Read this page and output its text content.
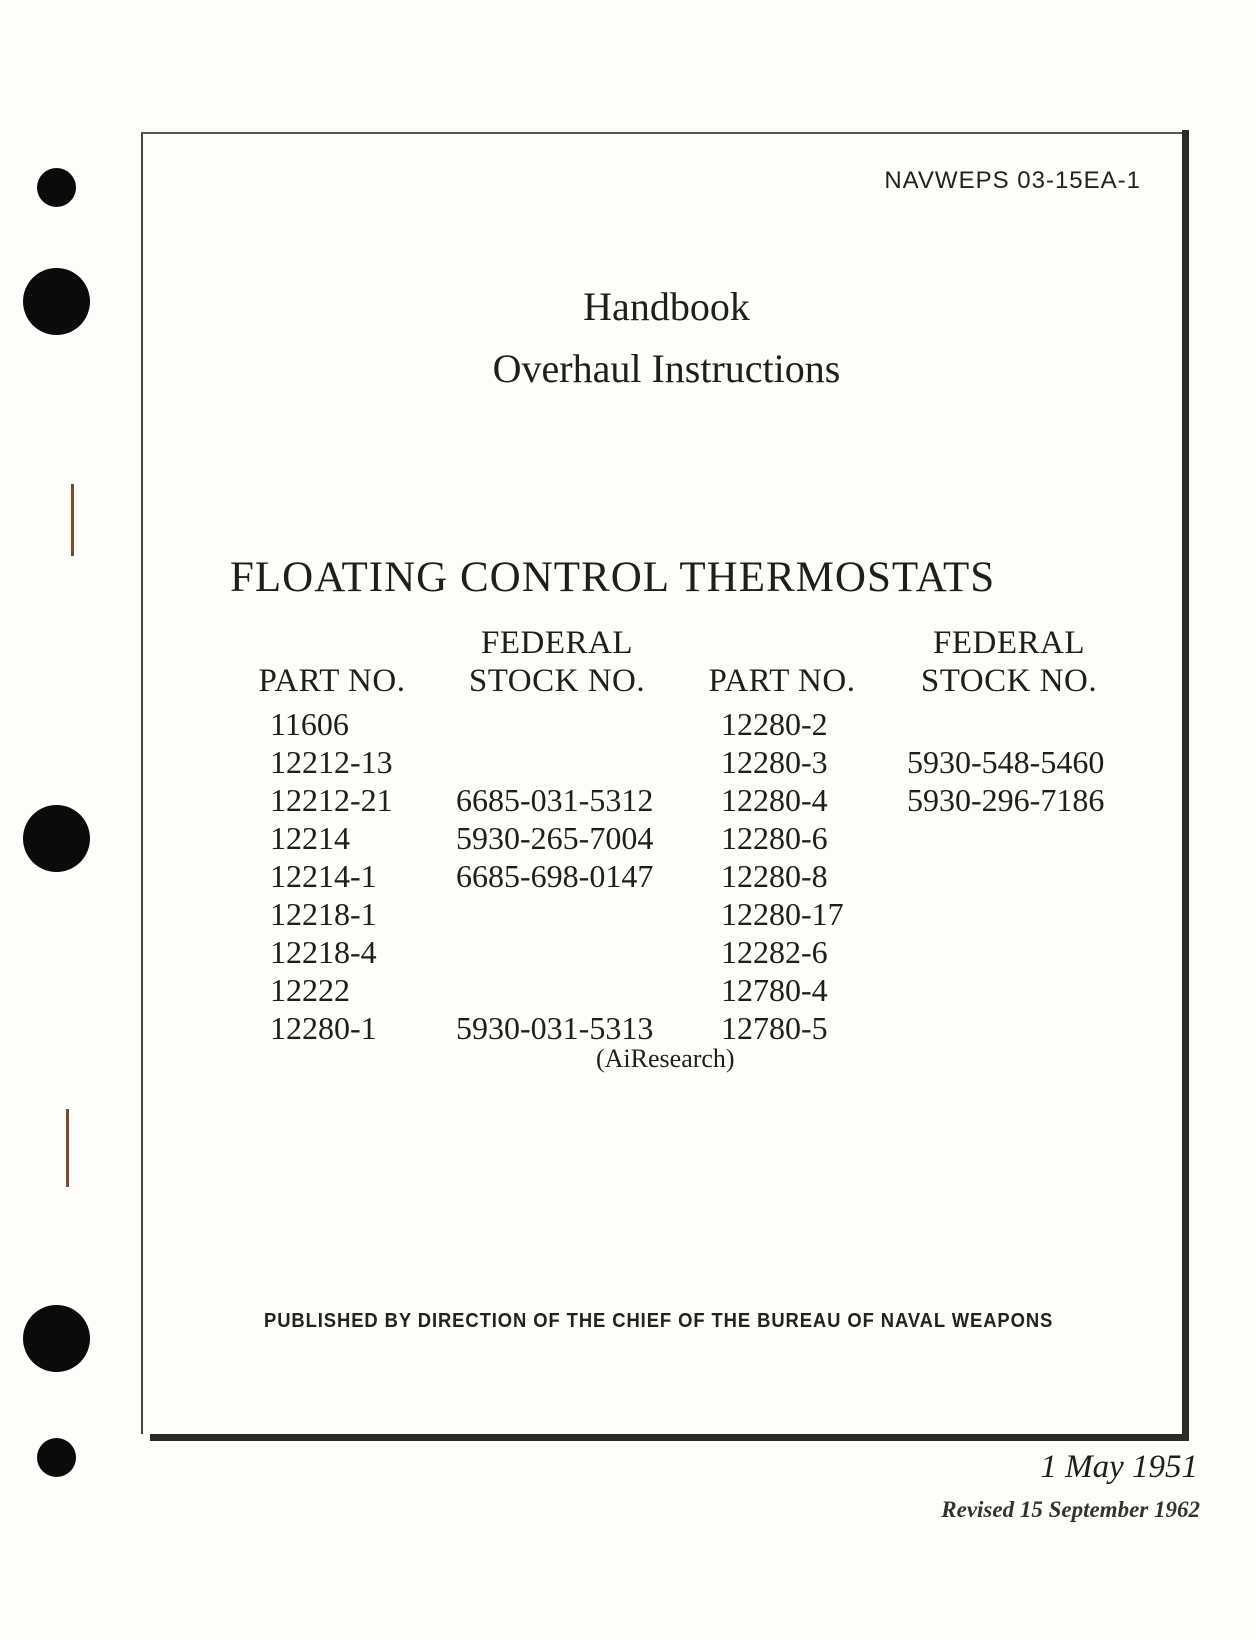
NAVWEPS 03-15EA-1
Handbook
Overhaul Instructions
FLOATING CONTROL THERMOSTATS
PART NO.
FEDERAL
STOCK NO.	PART NO.
FEDERAL
STOCK NO.
11606
12212-13
12212-21
12214
12214-1
12218-1
12218-4
12222
12280-1
6685-031-5312
5930-265-7004
6685-698-0147
5930-031-5313
12280-2
12280-3
12280-4
12280-6
12280-8
12280-17
12282-6
12780-4
12780-5
5930-548-5460
5930-296-7186
(AiResearch)
PUBLISHED BY DIRECTION OF THE CHIEF OF THE BUREAU OF NAVAL WEAPONS
1 May 1951
Revised 15 September 1962
